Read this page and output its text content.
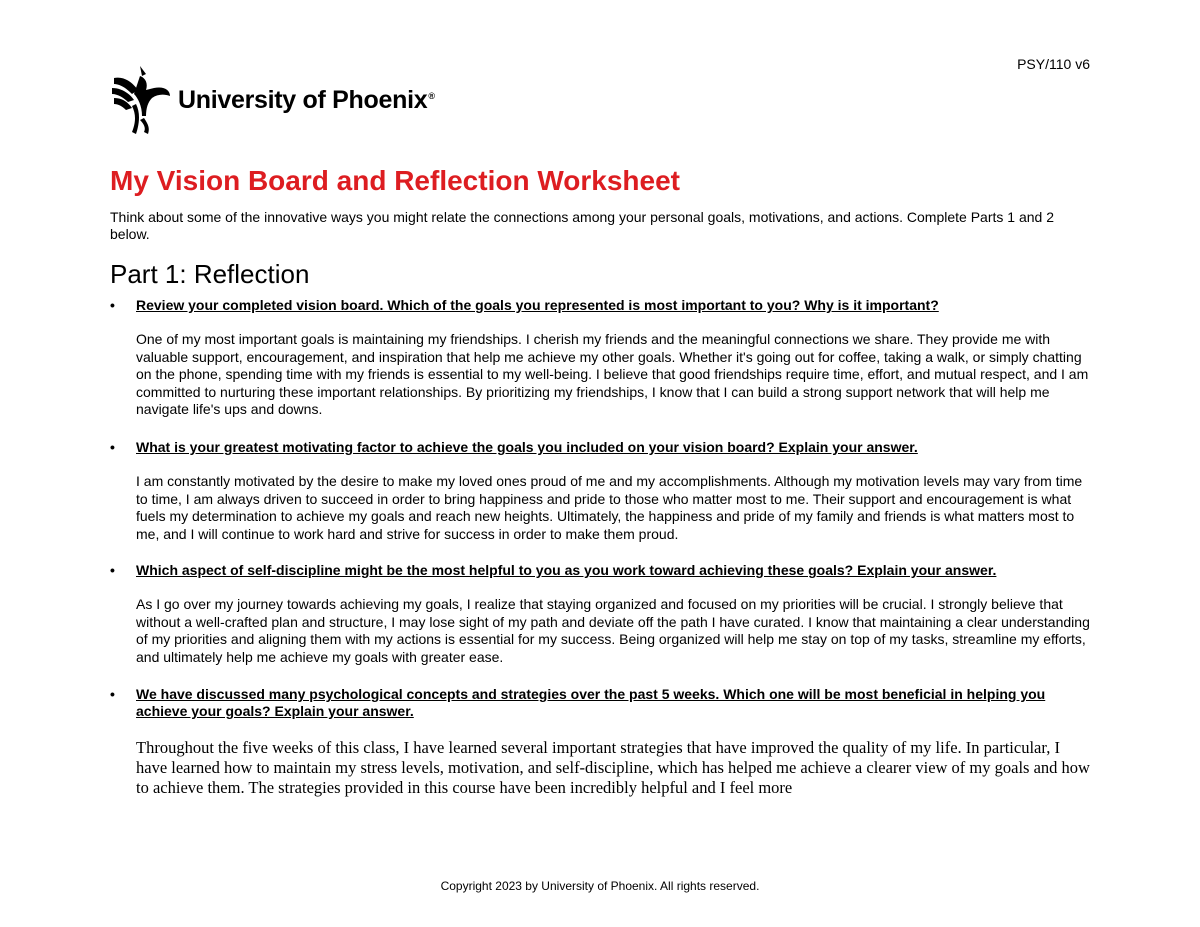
PSY/110 v6
University of Phoenix®
My Vision Board and Reflection Worksheet
Think about some of the innovative ways you might relate the connections among your personal goals, motivations, and actions. Complete Parts 1 and 2 below.
Part 1: Reflection
• Review your completed vision board. Which of the goals you represented is most important to you? Why is it important?
One of my most important goals is maintaining my friendships. I cherish my friends and the meaningful connections we share. They provide me with valuable support, encouragement, and inspiration that help me achieve my other goals. Whether it's going out for coffee, taking a walk, or simply chatting on the phone, spending time with my friends is essential to my well-being. I believe that good friendships require time, effort, and mutual respect, and I am committed to nurturing these important relationships. By prioritizing my friendships, I know that I can build a strong support network that will help me navigate life's ups and downs.
• What is your greatest motivating factor to achieve the goals you included on your vision board? Explain your answer.
I am constantly motivated by the desire to make my loved ones proud of me and my accomplishments. Although my motivation levels may vary from time to time, I am always driven to succeed in order to bring happiness and pride to those who matter most to me. Their support and encouragement is what fuels my determination to achieve my goals and reach new heights. Ultimately, the happiness and pride of my family and friends is what matters most to me, and I will continue to work hard and strive for success in order to make them proud.
• Which aspect of self-discipline might be the most helpful to you as you work toward achieving these goals? Explain your answer.
As I go over my journey towards achieving my goals, I realize that staying organized and focused on my priorities will be crucial. I strongly believe that without a well-crafted plan and structure, I may lose sight of my path and deviate off the path I have curated. I know that maintaining a clear understanding of my priorities and aligning them with my actions is essential for my success. Being organized will help me stay on top of my tasks, streamline my efforts, and ultimately help me achieve my goals with greater ease.
• We have discussed many psychological concepts and strategies over the past 5 weeks. Which one will be most beneficial in helping you achieve your goals? Explain your answer.
Throughout the five weeks of this class, I have learned several important strategies that have improved the quality of my life. In particular, I have learned how to maintain my stress levels, motivation, and self-discipline, which has helped me achieve a clearer view of my goals and how to achieve them. The strategies provided in this course have been incredibly helpful and I feel more
Copyright 2023 by University of Phoenix. All rights reserved.
